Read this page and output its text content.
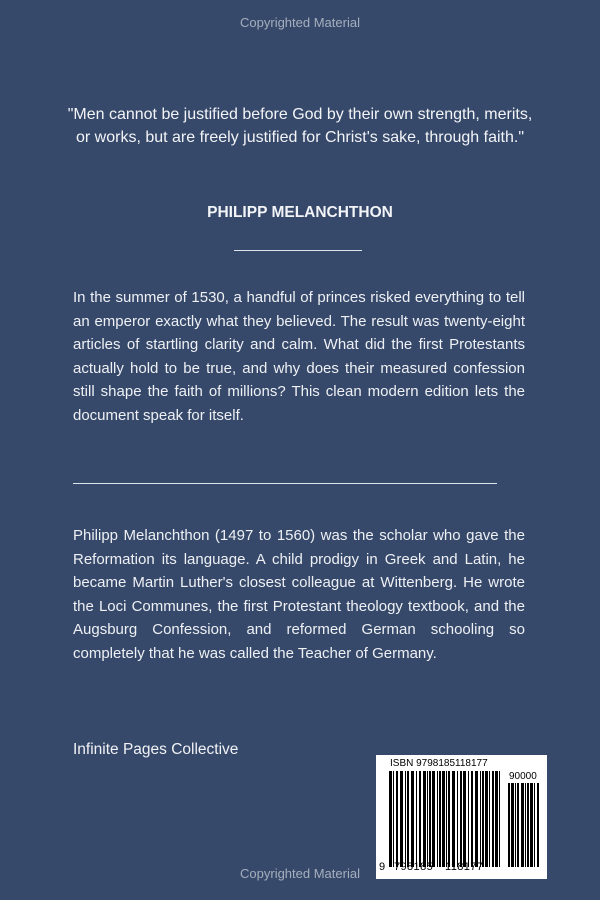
Copyrighted Material
"Men cannot be justified before God by their own strength, merits, or works, but are freely justified for Christ's sake, through faith."
PHILIPP MELANCHTHON
In the summer of 1530, a handful of princes risked everything to tell an emperor exactly what they believed. The result was twenty-eight articles of startling clarity and calm. What did the first Protestants actually hold to be true, and why does their measured confession still shape the faith of millions? This clean modern edition lets the document speak for itself.
Philipp Melanchthon (1497 to 1560) was the scholar who gave the Reformation its language. A child prodigy in Greek and Latin, he became Martin Luther's closest colleague at Wittenberg. He wrote the Loci Communes, the first Protestant theology textbook, and the Augsburg Confession, and reformed German schooling so completely that he was called the Teacher of Germany.
Infinite Pages Collective
ISBN 9798185118177
90000
9 798185 118177
Copyrighted Material
